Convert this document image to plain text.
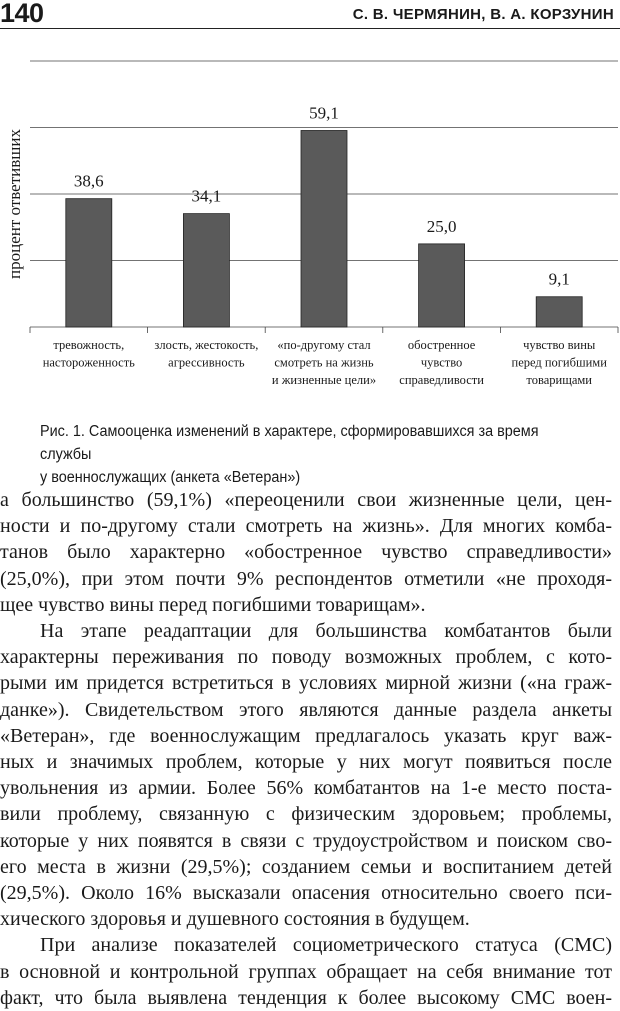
140	С. В. ЧЕРМЯНИН, В. А. КОРЗУНИН
процент ответивших	38,6
тревожность,
настороженность
34,1
злость, жестокость,
агрессивность
59,1
«по-другому стал
смотреть на жизнь
и жизненные цели»
25,0
обостренное
чувство
справедливости
9,1
чувство вины
перед погибшими
товарищами
Рис. 1. Самооценка изменений в характере, сформировавшихся за время службы
у военнослужащих (анкета «Ветеран»)

а большинство (59,1%) «переоценили свои жизненные цели, цен-

ности и по-другому стали смотреть на жизнь». Для многих комба-

танов было характерно «обостренное чувство справедливости»

(25,0%), при этом почти 9% респондентов отметили «не проходя-

щее чувство вины перед погибшими товарищам».

На этапе реадаптации для большинства комбатантов были

характерны переживания по поводу возможных проблем, с кото-

рыми им придется встретиться в условиях мирной жизни («на граж-

данке»). Свидетельством этого являются данные раздела анкеты

«Ветеран», где военнослужащим предлагалось указать круг важ-

ных и значимых проблем, которые у них могут появиться после

увольнения из армии. Более 56% комбатантов на 1-е место поста-

вили проблему, связанную с физическим здоровьем; проблемы,

которые у них появятся в связи с трудоустройством и поиском сво-

его места в жизни (29,5%); созданием семьи и воспитанием детей

(29,5%). Около 16% высказали опасения относительно своего пси-

хического здоровья и душевного состояния в будущем.

При анализе показателей социометрического статуса (СМС)

в основной и контрольной группах обращает на себя внимание тот

факт, что была выявлена тенденция к более высокому СМС воен-
